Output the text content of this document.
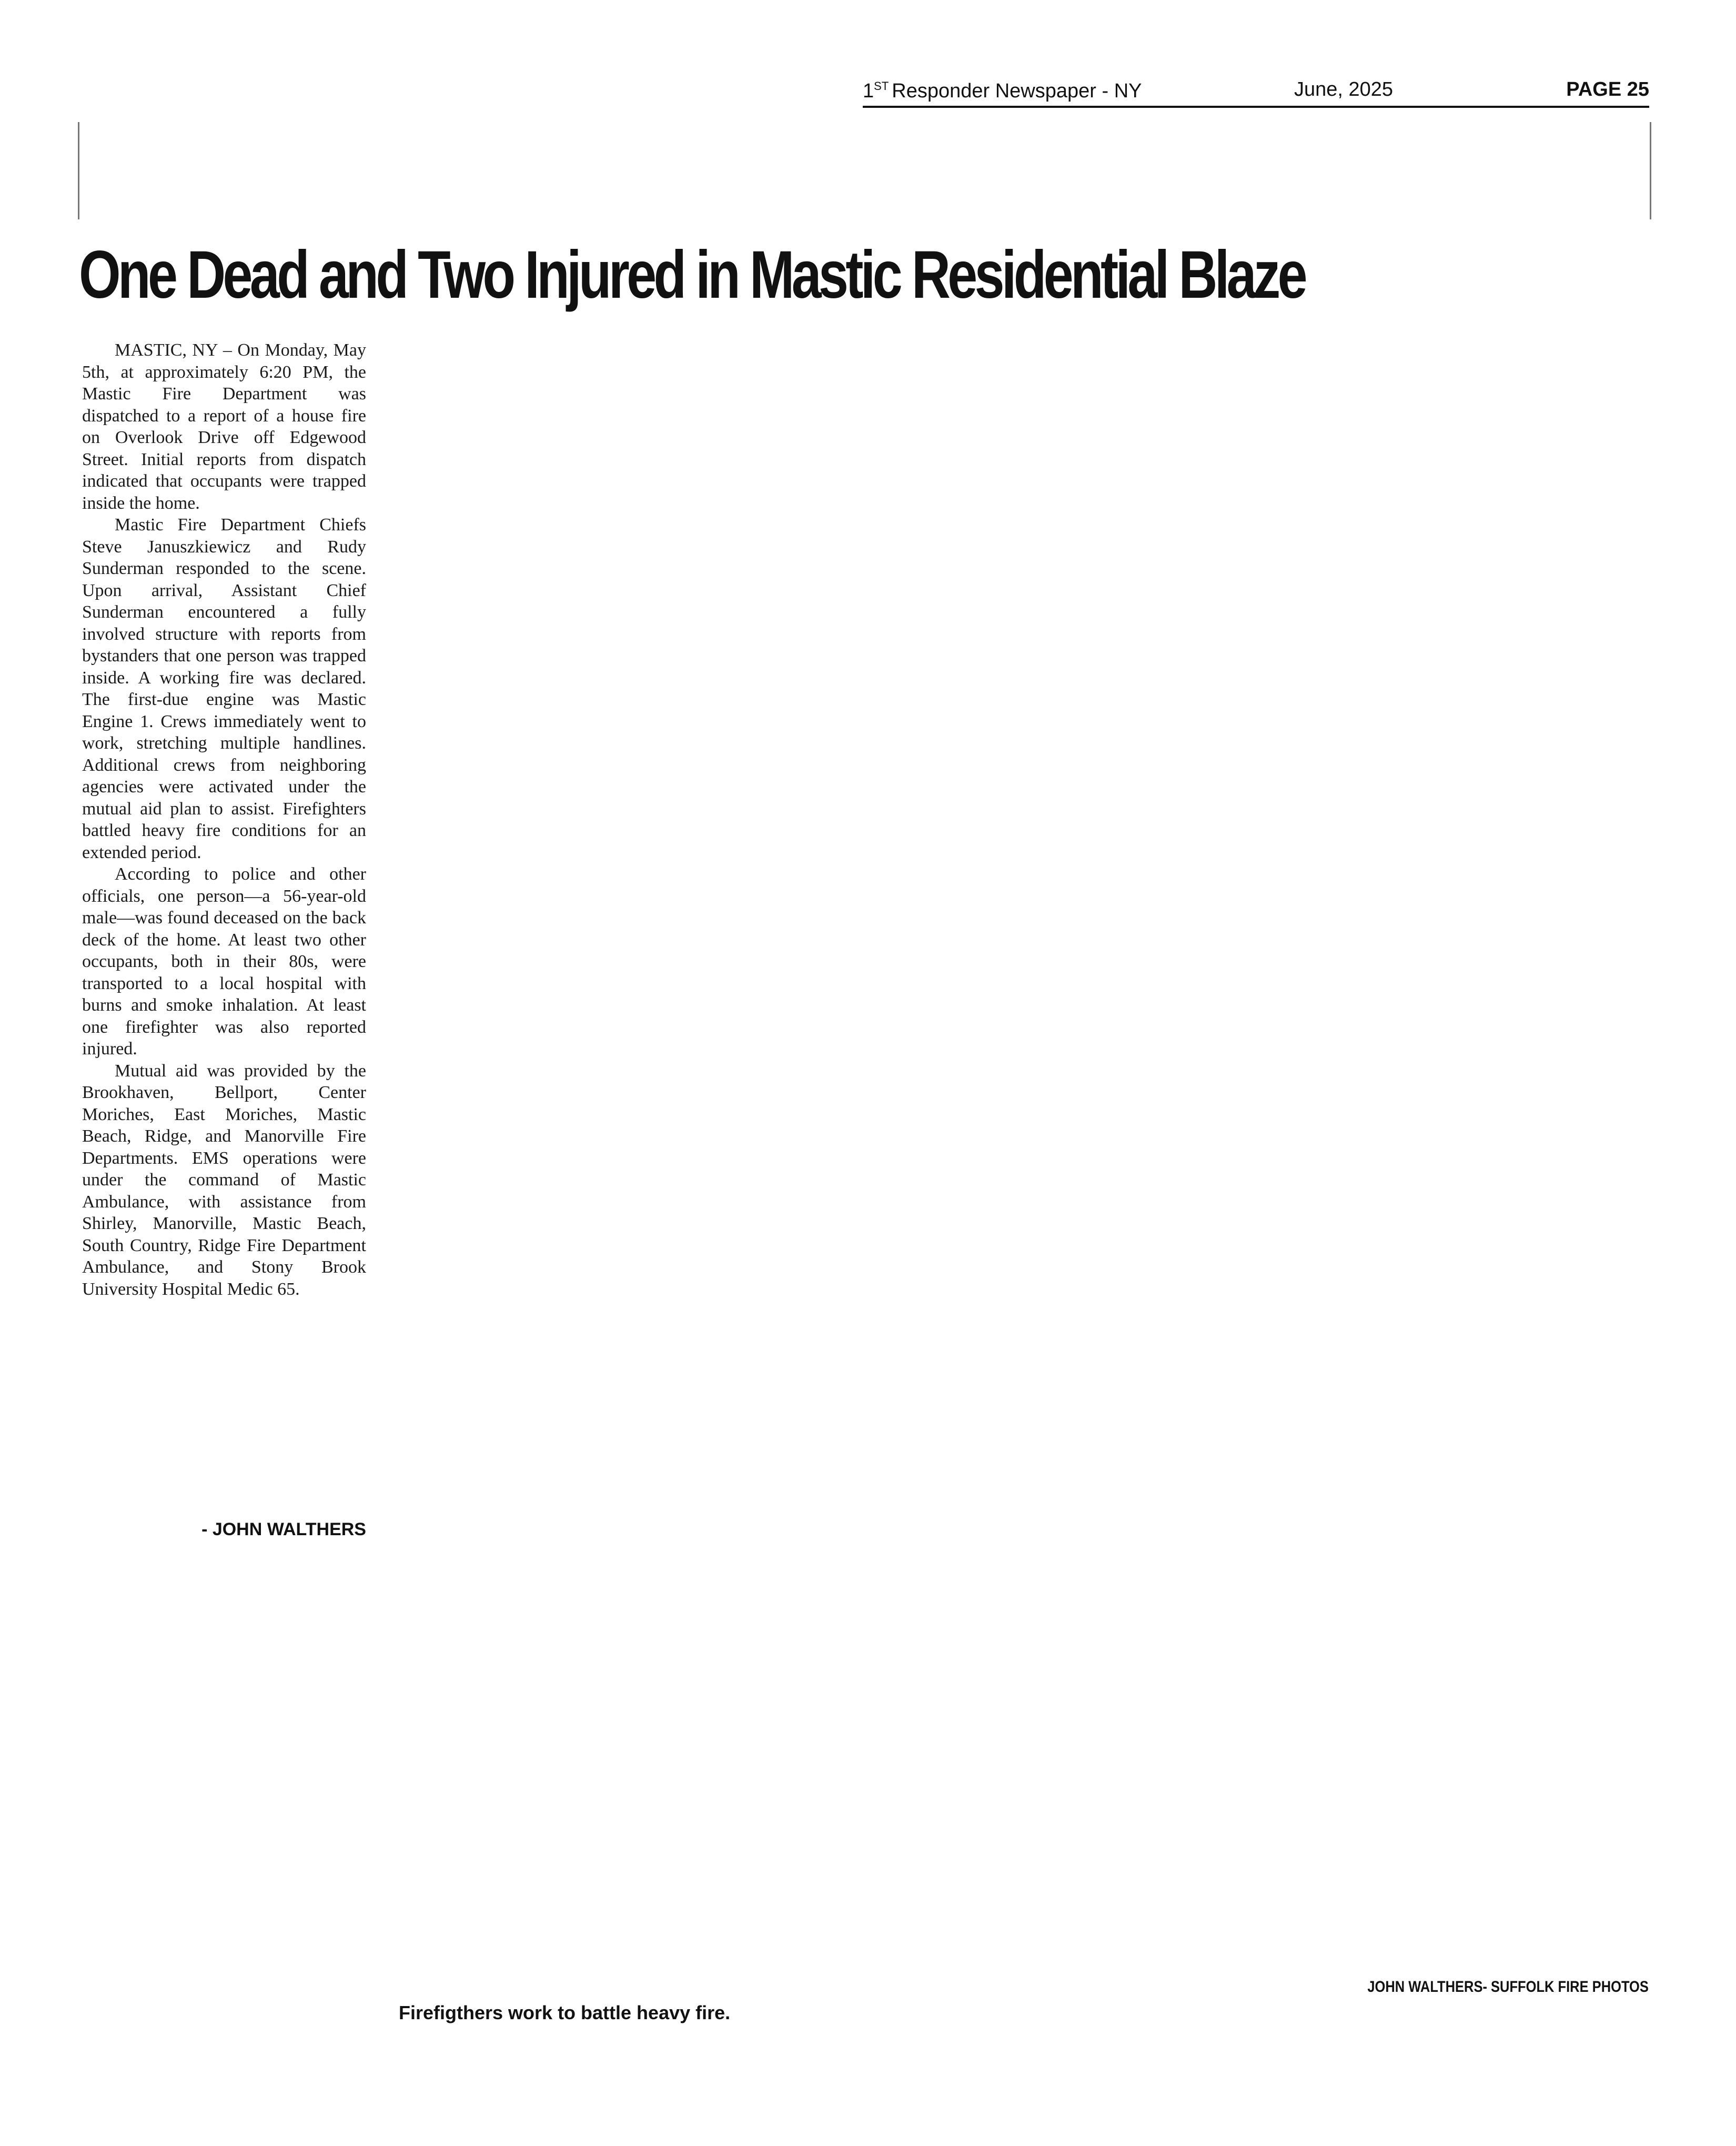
1ST Responder Newspaper - NY	June, 2025	PAGE 25
One Dead and Two Injured in Mastic Residential Blaze

MASTIC, NY – On Monday, May 5th, at approximately 6:20 PM, the Mastic Fire Department was dispatched to a report of a house fire on Overlook Drive off Edgewood Street. Initial reports from dispatch indicated that occupants were trapped inside the home.

Mastic Fire Department Chiefs Steve Januszkiewicz and Rudy Sunderman responded to the scene. Upon arrival, Assistant Chief Sunderman encountered a fully involved structure with reports from bystanders that one person was trapped inside. A working fire was declared. The first-due engine was Mastic Engine 1. Crews immediately went to work, stretching multiple handlines. Additional crews from neighboring agencies were activated under the mutual aid plan to assist. Firefighters battled heavy fire conditions for an extended period.

According to police and other officials, one person—a 56-year-old male—was found deceased on the back deck of the home. At least two other occupants, both in their 80s, were transported to a local hospital with burns and smoke inhalation. At least one firefighter was also reported injured.

Mutual aid was provided by the Brookhaven, Bellport, Center Moriches, East Moriches, Mastic Beach, Ridge, and Manorville Fire Departments. EMS operations were under the command of Mastic Ambulance, with assistance from Shirley, Manorville, Mastic Beach, South Country, Ridge Fire Department Ambulance, and Stony Brook University Hospital Medic 65.

- JOHN WALTHERS
JOHN WALTHERS- SUFFOLK FIRE PHOTOS
Firefigthers work to battle heavy fire.
